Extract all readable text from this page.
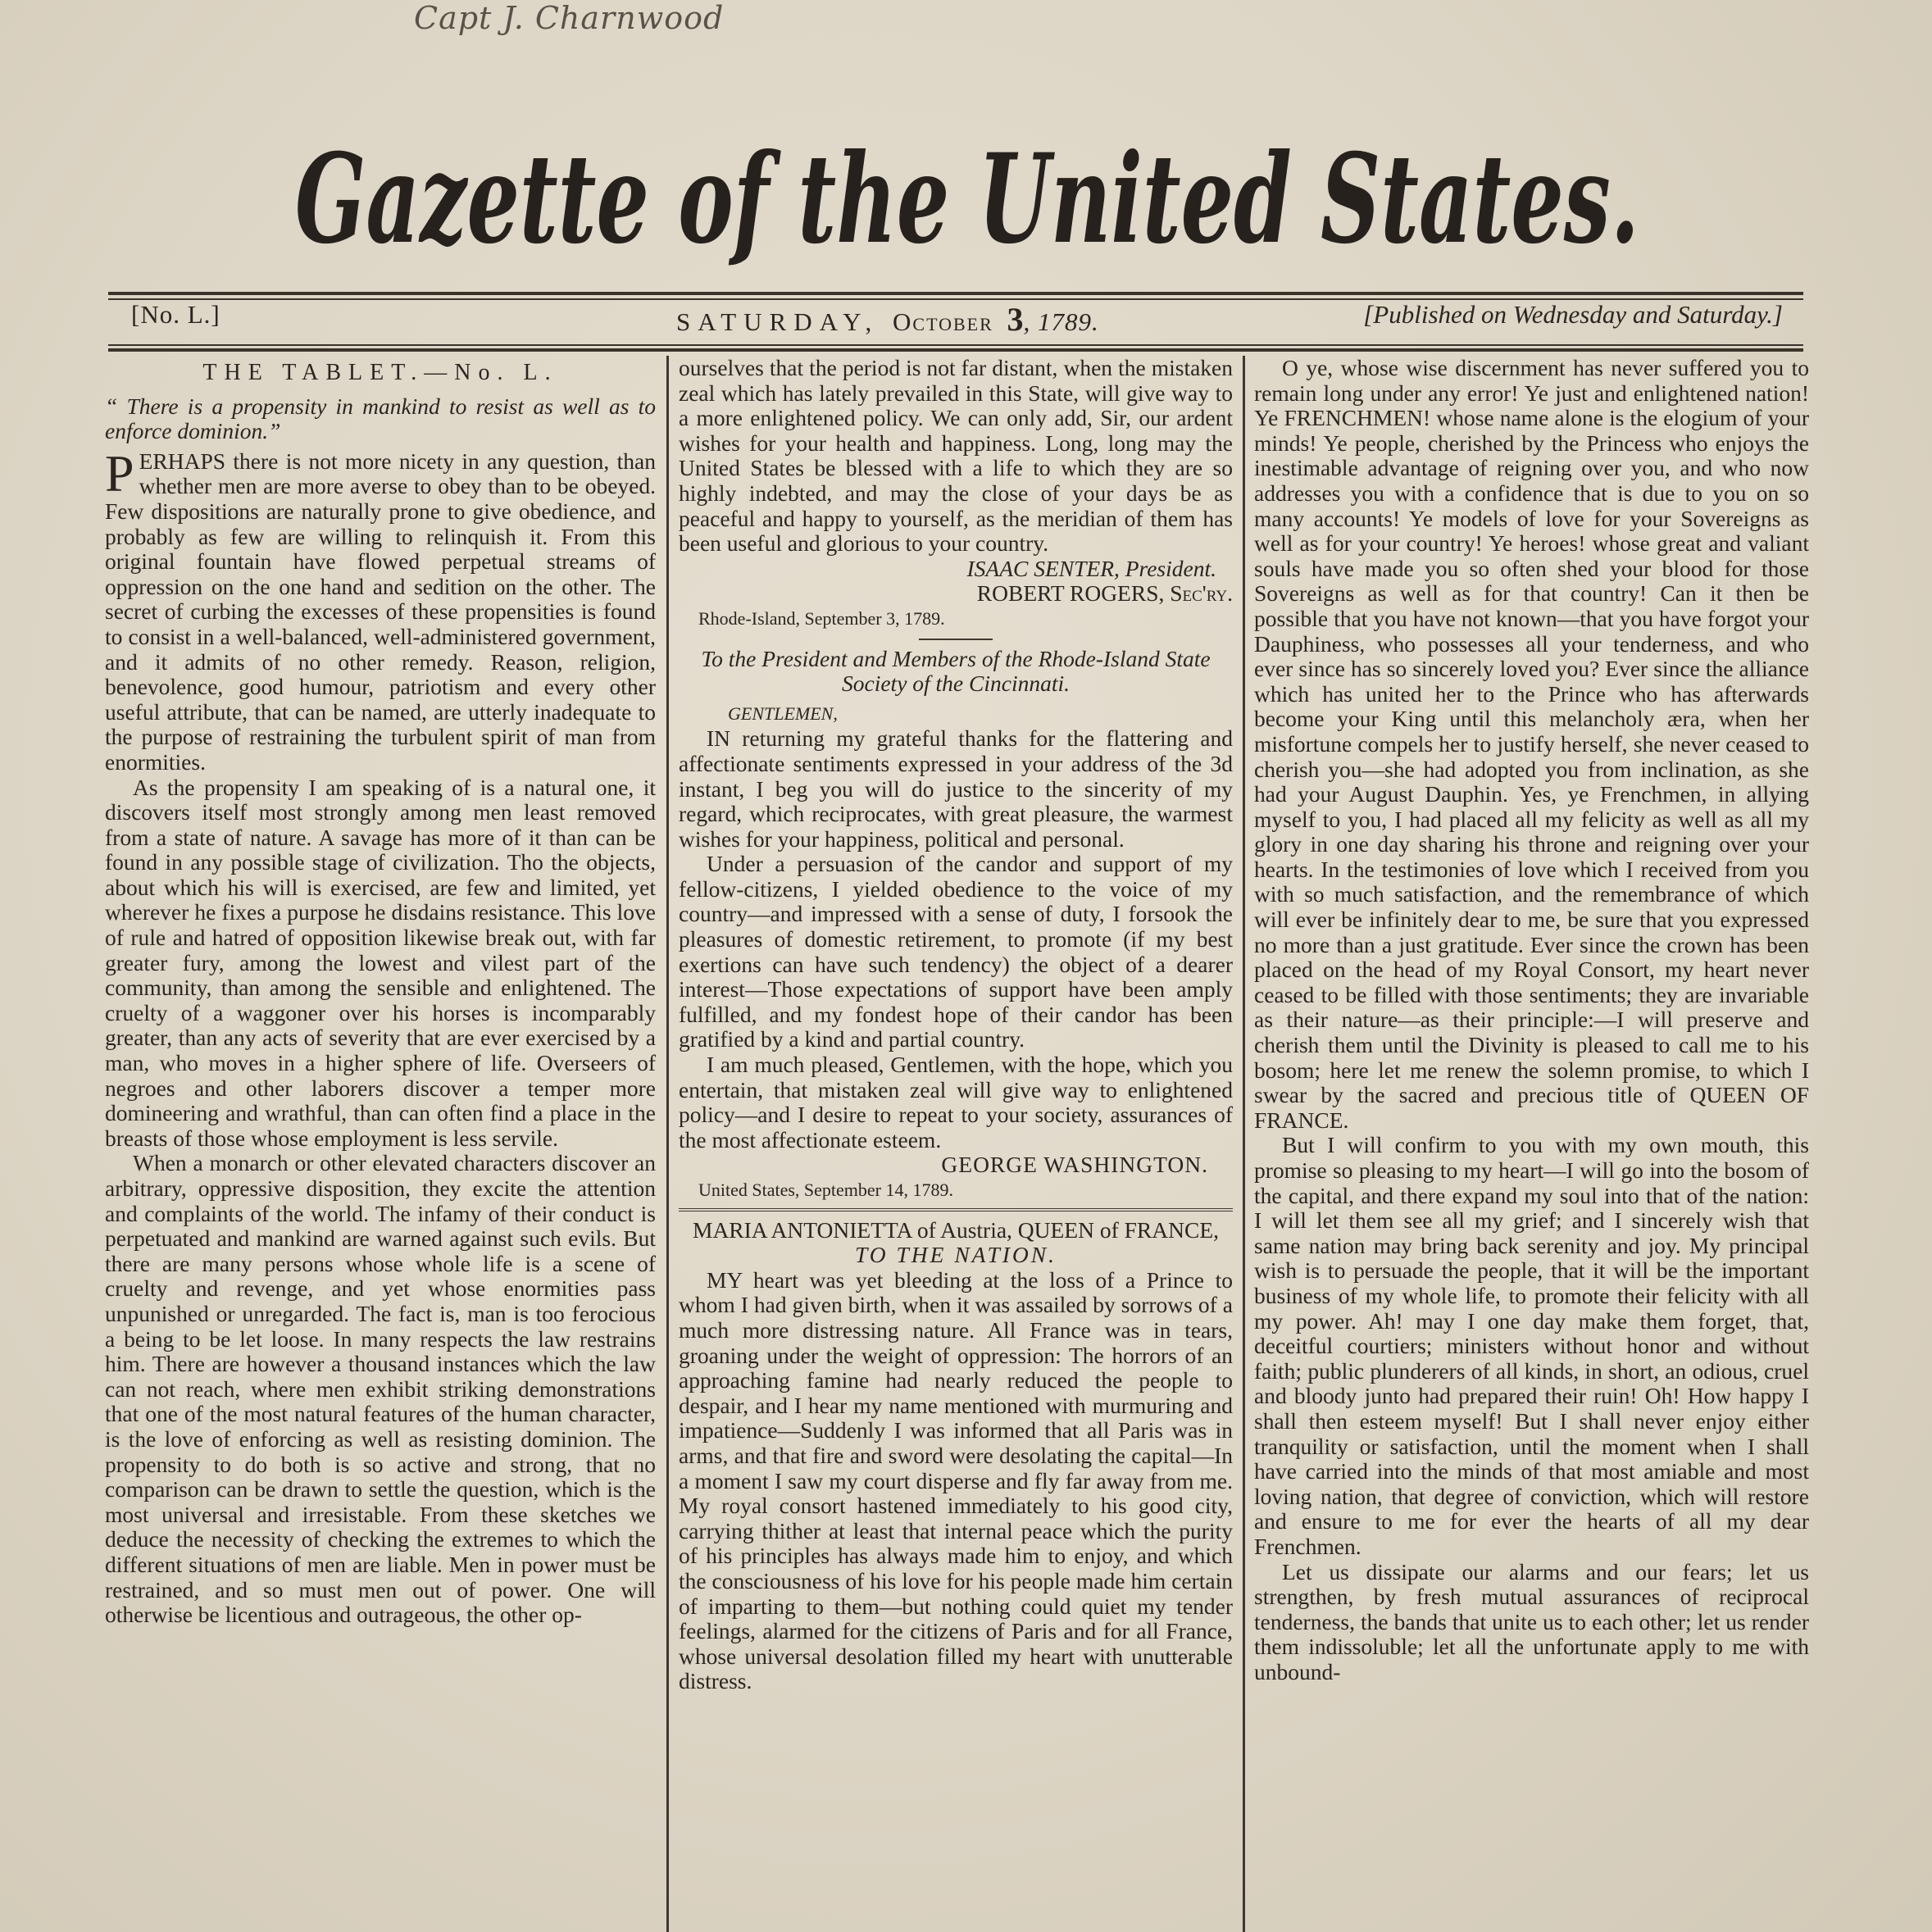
Capt J. Charnwood
Gazette of the United States.
[No. L.]	SATURDAY, October 3, 1789.	[Published on Wednesday and Saturday.]
THE TABLET.—No. L.

“ There is a propensity in mankind to resist as well as to enforce dominion.”

PERHAPS there is not more nicety in any question, than whether men are more averse to obey than to be obeyed. Few dispositions are naturally prone to give obedience, and probably as few are willing to relinquish it. From this original fountain have flowed perpetual streams of oppression on the one hand and sedition on the other. The secret of curbing the excesses of these propensities is found to consist in a well-balanced, well-administered government, and it admits of no other remedy. Reason, religion, benevolence, good humour, patriotism and every other useful attribute, that can be named, are utterly inadequate to the purpose of restraining the turbulent spirit of man from enormities.

As the propensity I am speaking of is a natural one, it discovers itself most strongly among men least removed from a state of nature. A savage has more of it than can be found in any possible stage of civilization. Tho the objects, about which his will is exercised, are few and limited, yet wherever he fixes a purpose he disdains resistance. This love of rule and hatred of opposition likewise break out, with far greater fury, among the lowest and vilest part of the community, than among the sensible and enlightened. The cruelty of a waggoner over his horses is incomparably greater, than any acts of severity that are ever exercised by a man, who moves in a higher sphere of life. Overseers of negroes and other laborers discover a temper more domineering and wrathful, than can often find a place in the breasts of those whose employment is less servile.

When a monarch or other elevated characters discover an arbitrary, oppressive disposition, they excite the attention and complaints of the world. The infamy of their conduct is perpetuated and mankind are warned against such evils. But there are many persons whose whole life is a scene of cruelty and revenge, and yet whose enormities pass unpunished or unregarded. The fact is, man is too ferocious a being to be let loose. In many respects the law restrains him. There are however a thousand instances which the law can not reach, where men exhibit striking demonstrations that one of the most natural features of the human character, is the love of enforcing as well as resisting dominion. The propensity to do both is so active and strong, that no comparison can be drawn to settle the question, which is the most universal and irresistable. From these sketches we deduce the necessity of checking the extremes to which the different situations of men are liable. Men in power must be restrained, and so must men out of power. One will otherwise be licentious and outrageous, the other op-

ourselves that the period is not far distant, when the mistaken zeal which has lately prevailed in this State, will give way to a more enlightened policy. We can only add, Sir, our ardent wishes for your health and happiness. Long, long may the United States be blessed with a life to which they are so highly indebted, and may the close of your days be as peaceful and happy to yourself, as the meridian of them has been useful and glorious to your country.

ISAAC SENTER, President.

ROBERT ROGERS, Sec'ry.

Rhode-Island, September 3, 1789.

To the President and Members of the Rhode-Island State Society of the Cincinnati.

GENTLEMEN,

IN returning my grateful thanks for the flattering and affectionate sentiments expressed in your address of the 3d instant, I beg you will do justice to the sincerity of my regard, which reciprocates, with great pleasure, the warmest wishes for your happiness, political and personal.

Under a persuasion of the candor and support of my fellow-citizens, I yielded obedience to the voice of my country—and impressed with a sense of duty, I forsook the pleasures of domestic retirement, to promote (if my best exertions can have such tendency) the object of a dearer interest—Those expectations of support have been amply fulfilled, and my fondest hope of their candor has been gratified by a kind and partial country.

I am much pleased, Gentlemen, with the hope, which you entertain, that mistaken zeal will give way to enlightened policy—and I desire to repeat to your society, assurances of the most affectionate esteem.

GEORGE WASHINGTON.

United States, September 14, 1789.

MARIA ANTONIETTA of Austria, QUEEN of FRANCE,

TO THE NATION.

MY heart was yet bleeding at the loss of a Prince to whom I had given birth, when it was assailed by sorrows of a much more distressing nature. All France was in tears, groaning under the weight of oppression: The horrors of an approaching famine had nearly reduced the people to despair, and I hear my name mentioned with murmuring and impatience—Suddenly I was informed that all Paris was in arms, and that fire and sword were desolating the capital—In a moment I saw my court disperse and fly far away from me. My royal consort hastened immediately to his good city, carrying thither at least that internal peace which the purity of his principles has always made him to enjoy, and which the consciousness of his love for his people made him certain of imparting to them—but nothing could quiet my tender feelings, alarmed for the citizens of Paris and for all France, whose universal desolation filled my heart with unutterable distress.

O ye, whose wise discernment has never suffered you to remain long under any error! Ye just and enlightened nation! Ye FRENCHMEN! whose name alone is the elogium of your minds! Ye people, cherished by the Princess who enjoys the inestimable advantage of reigning over you, and who now addresses you with a confidence that is due to you on so many accounts! Ye models of love for your Sovereigns as well as for your country! Ye heroes! whose great and valiant souls have made you so often shed your blood for those Sovereigns as well as for that country! Can it then be possible that you have not known—that you have forgot your Dauphiness, who possesses all your tenderness, and who ever since has so sincerely loved you? Ever since the alliance which has united her to the Prince who has afterwards become your King until this melancholy æra, when her misfortune compels her to justify herself, she never ceased to cherish you—she had adopted you from inclination, as she had your August Dauphin. Yes, ye Frenchmen, in allying myself to you, I had placed all my felicity as well as all my glory in one day sharing his throne and reigning over your hearts. In the testimonies of love which I received from you with so much satisfaction, and the remembrance of which will ever be infinitely dear to me, be sure that you expressed no more than a just gratitude. Ever since the crown has been placed on the head of my Royal Consort, my heart never ceased to be filled with those sentiments; they are invariable as their nature—as their principle:—I will preserve and cherish them until the Divinity is pleased to call me to his bosom; here let me renew the solemn promise, to which I swear by the sacred and precious title of QUEEN OF FRANCE.

But I will confirm to you with my own mouth, this promise so pleasing to my heart—I will go into the bosom of the capital, and there expand my soul into that of the nation: I will let them see all my grief; and I sincerely wish that same nation may bring back serenity and joy. My principal wish is to persuade the people, that it will be the important business of my whole life, to promote their felicity with all my power. Ah! may I one day make them forget, that, deceitful courtiers; ministers without honor and without faith; public plunderers of all kinds, in short, an odious, cruel and bloody junto had prepared their ruin! Oh! How happy I shall then esteem myself! But I shall never enjoy either tranquility or satisfaction, until the moment when I shall have carried into the minds of that most amiable and most loving nation, that degree of conviction, which will restore and ensure to me for ever the hearts of all my dear Frenchmen.

Let us dissipate our alarms and our fears; let us strengthen, by fresh mutual assurances of reciprocal tenderness, the bands that unite us to each other; let us render them indissoluble; let all the unfortunate apply to me with unbound-
